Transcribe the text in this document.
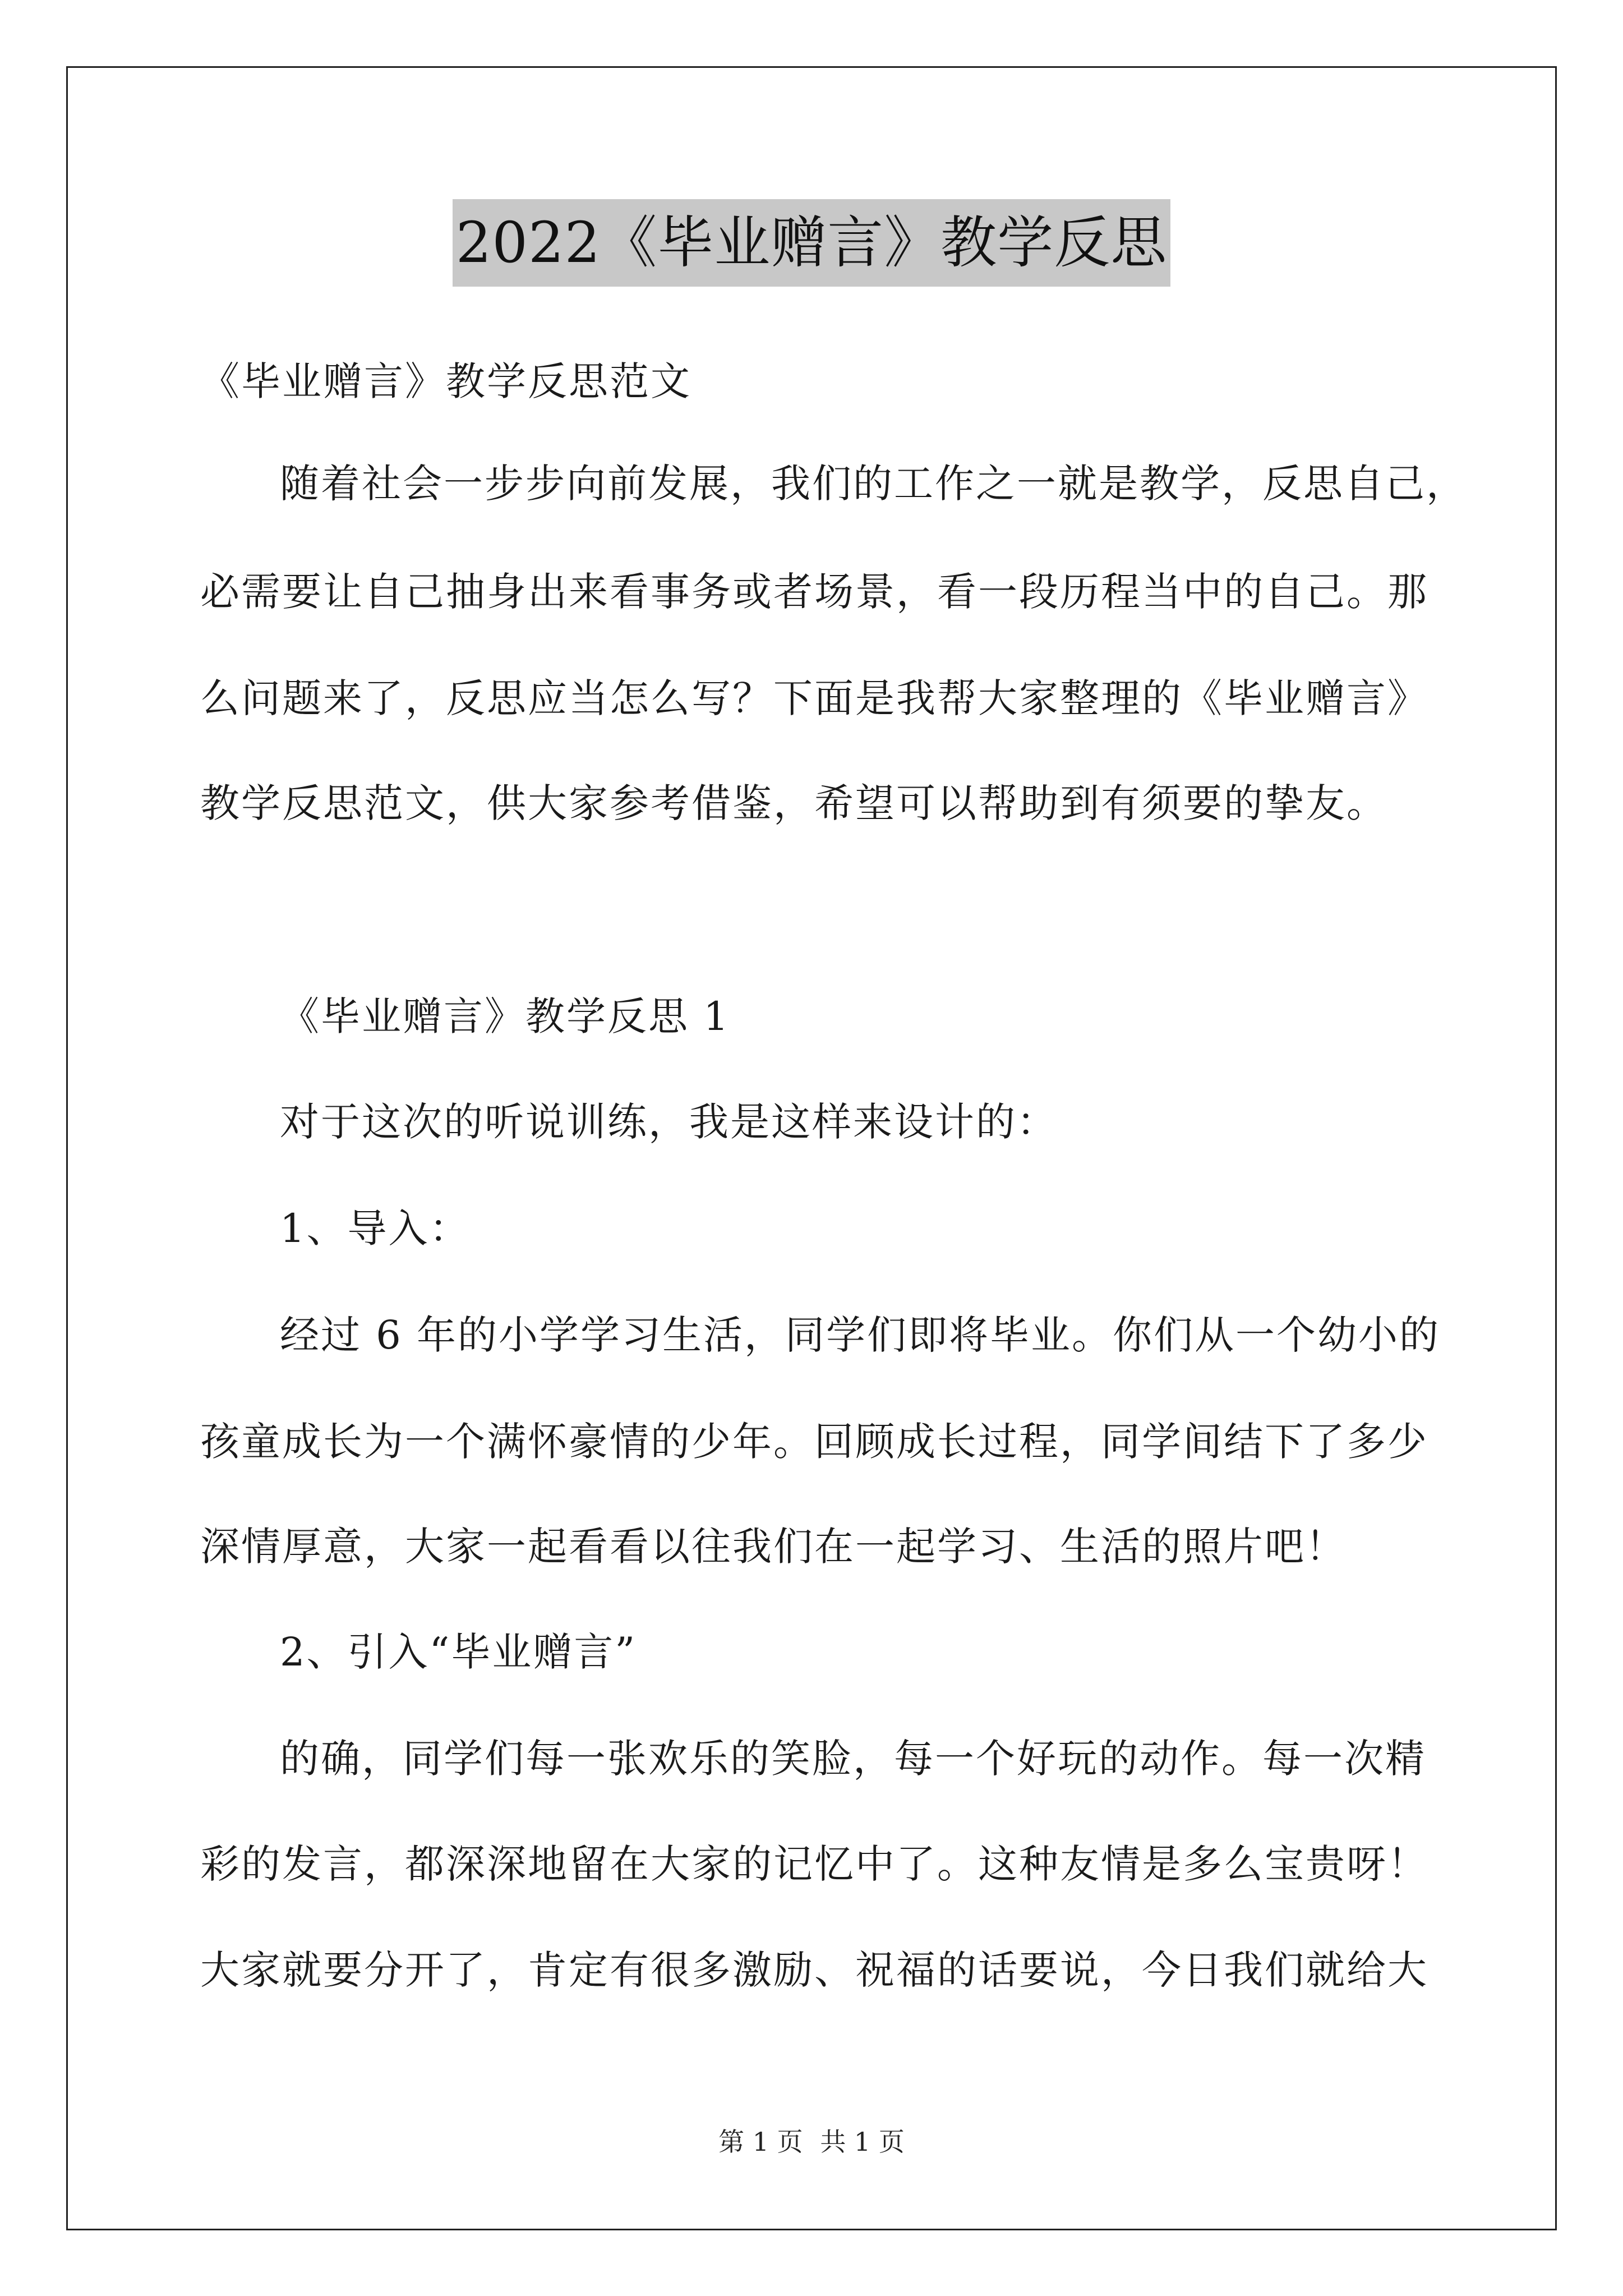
2022《毕业赠言》教学反思
《毕业赠言》教学反思范文
随着社会一步步向前发展，我们的工作之一就是教学，反思自己，
必需要让自己抽身出来看事务或者场景，看一段历程当中的自己。那
么问题来了，反思应当怎么写？下面是我帮大家整理的《毕业赠言》
教学反思范文，供大家参考借鉴，希望可以帮助到有须要的挚友。
《毕业赠言》教学反思 1
对于这次的听说训练，我是这样来设计的：
1、导入：
经过 6 年的小学学习生活，同学们即将毕业。你们从一个幼小的
孩童成长为一个满怀豪情的少年。回顾成长过程，同学间结下了多少
深情厚意，大家一起看看以往我们在一起学习、生活的照片吧！
2、引入“毕业赠言”
的确，同学们每一张欢乐的笑脸，每一个好玩的动作。每一次精
彩的发言，都深深地留在大家的记忆中了。这种友情是多么宝贵呀！
大家就要分开了，肯定有很多激励、祝福的话要说，今日我们就给大
第 1 页 共 1 页
